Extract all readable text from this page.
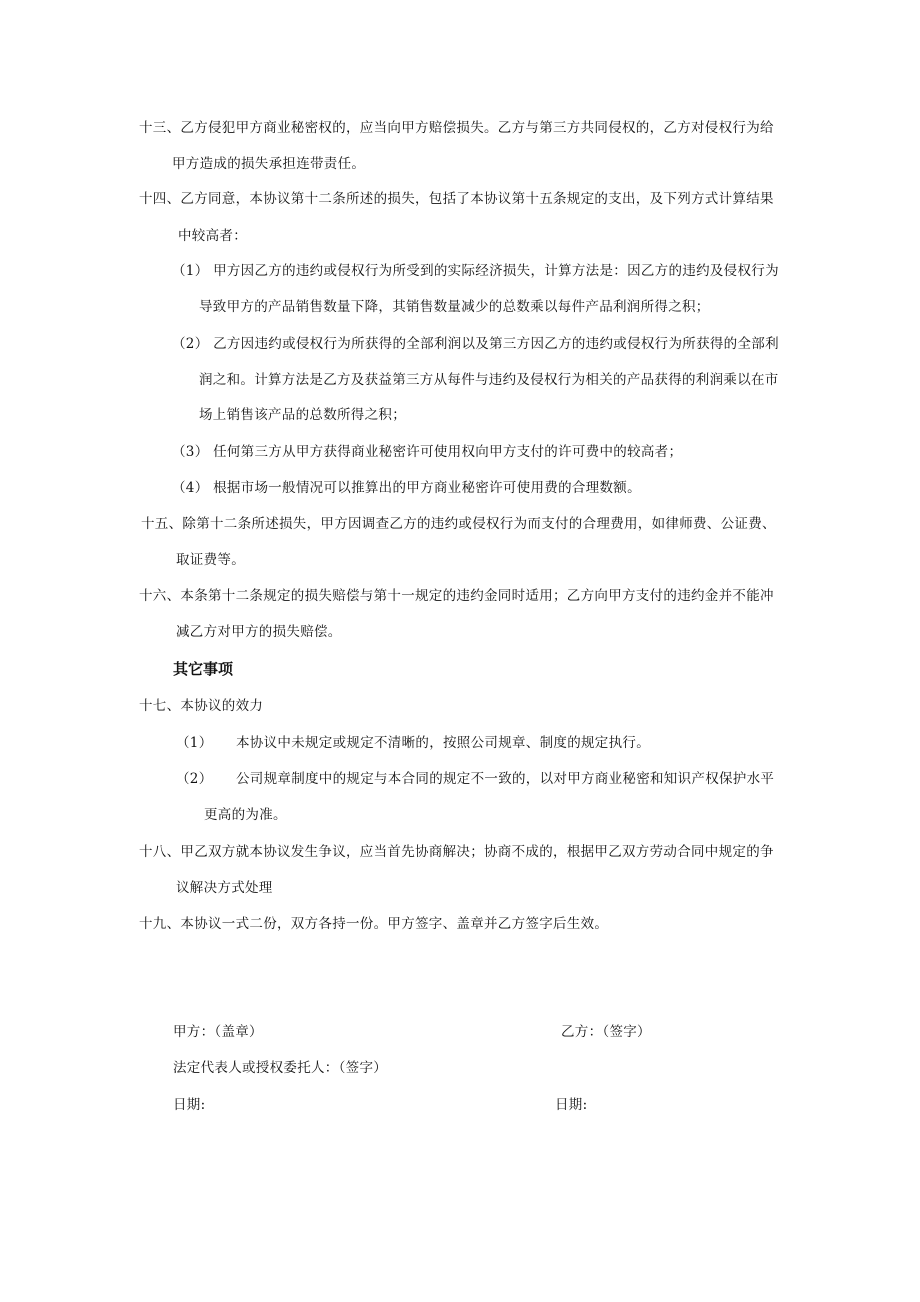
十三、乙方侵犯甲方商业秘密权的，应当向甲方赔偿损失。乙方与第三方共同侵权的，乙方对侵权行为给
甲方造成的损失承担连带责任。
十四、乙方同意，本协议第十二条所述的损失，包括了本协议第十五条规定的支出，及下列方式计算结果
中较高者：
（1） 甲方因乙方的违约或侵权行为所受到的实际经济损失，计算方法是：因乙方的违约及侵权行为
导致甲方的产品销售数量下降，其销售数量减少的总数乘以每件产品利润所得之积；
（2） 乙方因违约或侵权行为所获得的全部利润以及第三方因乙方的违约或侵权行为所获得的全部利
润之和。计算方法是乙方及获益第三方从每件与违约及侵权行为相关的产品获得的利润乘以在市
场上销售该产品的总数所得之积；
（3） 任何第三方从甲方获得商业秘密许可使用权向甲方支付的许可费中的较高者；
（4） 根据市场一般情况可以推算出的甲方商业秘密许可使用费的合理数额。
十五、除第十二条所述损失，甲方因调查乙方的违约或侵权行为而支付的合理费用，如律师费、公证费、
取证费等。
十六、本条第十二条规定的损失赔偿与第十一规定的违约金同时适用；乙方向甲方支付的违约金并不能冲
减乙方对甲方的损失赔偿。
其它事项
十七、本协议的效力
（1） 本协议中未规定或规定不清晰的，按照公司规章、制度的规定执行。
（2） 公司规章制度中的规定与本合同的规定不一致的，以对甲方商业秘密和知识产权保护水平
更高的为准。
十八、甲乙双方就本协议发生争议，应当首先协商解决；协商不成的，根据甲乙双方劳动合同中规定的争
议解决方式处理
十九、本协议一式二份，双方各持一份。甲方签字、盖章并乙方签字后生效。
甲方：（盖章）	乙方：（签字）
法定代表人或授权委托人：（签字）
日期:	日期:
